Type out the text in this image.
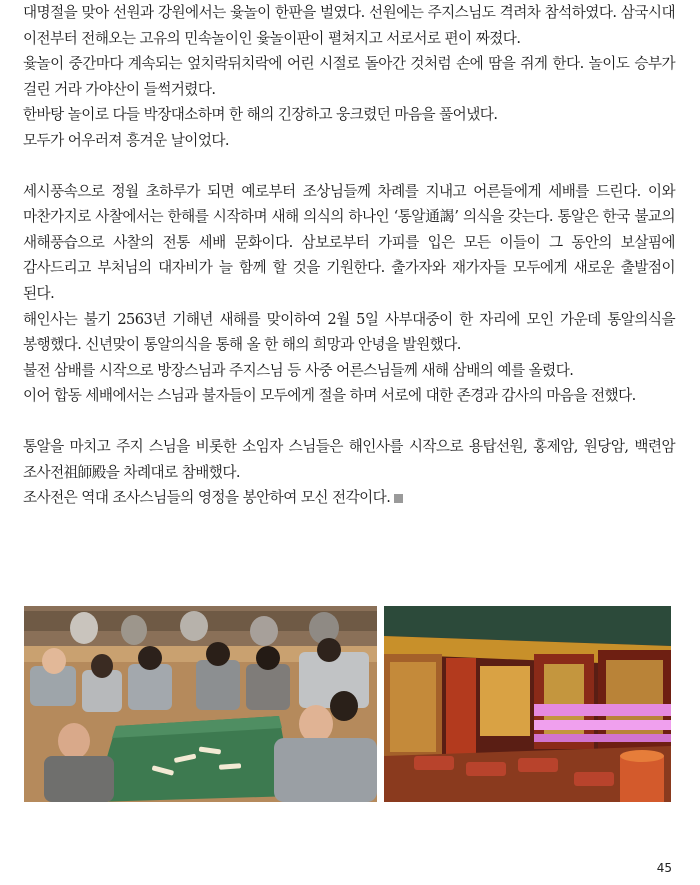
대명절을 맞아 선원과 강원에서는 윷놀이 한판을 벌였다. 선원에는 주지스님도 격려차 참석하였다. 삼국시대 이전부터 전해오는 고유의 민속놀이인 윷놀이판이 펼쳐지고 서로서로 편이 짜졌다.

윷놀이 중간마다 계속되는 엎치락뒤치락에 어린 시절로 돌아간 것처럼 손에 땀을 쥐게 한다. 놀이도 승부가 걸린 거라 가야산이 들썩거렸다.

한바탕 놀이로 다들 박장대소하며 한 해의 긴장하고 웅크렸던 마음을 풀어냈다.

모두가 어우러져 흥겨운 날이었다.

세시풍속으로 정월 초하루가 되면 예로부터 조상님들께 차례를 지내고 어른들에게 세배를 드린다. 이와 마찬가지로 사찰에서는 한해를 시작하며 새해 의식의 하나인 ‘통알通謁’ 의식을 갖는다. 통알은 한국 불교의 새해풍습으로 사찰의 전통 세배 문화이다. 삼보로부터 가피를 입은 모든 이들이 그 동안의 보살핌에 감사드리고 부처님의 대자비가 늘 함께 할 것을 기원한다. 출가자와 재가자들 모두에게 새로운 출발점이 된다.

해인사는 불기 2563년 기해년 새해를 맞이하여 2월 5일 사부대중이 한 자리에 모인 가운데 통알의식을 봉행했다. 신년맞이 통알의식을 통해 올 한 해의 희망과 안녕을 발원했다.

불전 삼배를 시작으로 방장스님과 주지스님 등 사중 어른스님들께 새해 삼배의 예를 올렸다.

이어 합동 세배에서는 스님과 불자들이 모두에게 절을 하며 서로에 대한 존경과 감사의 마음을 전했다.

통알을 마치고 주지 스님을 비롯한 소임자 스님들은 해인사를 시작으로 용탑선원, 홍제암, 원당암, 백련암 조사전祖師殿을 차례대로 참배했다.

조사전은 역대 조사스님들의 영정을 봉안하여 모신 전각이다.

45
